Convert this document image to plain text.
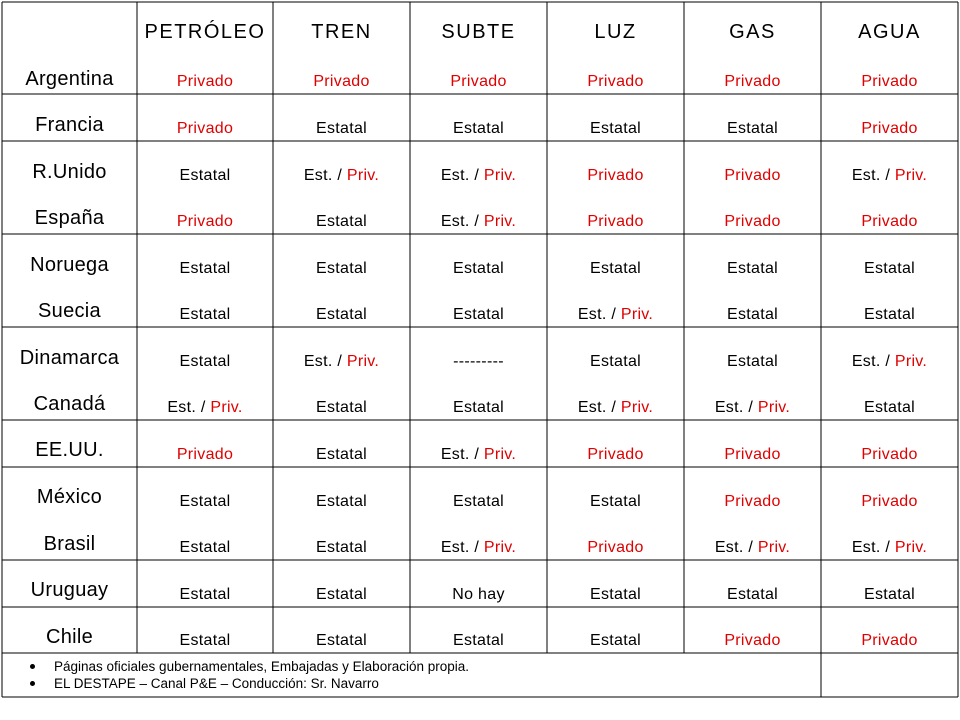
PETRÓLEO	TREN	SUBTE	LUZ	GAS	AGUA
Argentina	Privado	Privado	Privado	Privado	Privado	Privado
Francia	Privado	Estatal	Estatal	Estatal	Estatal	Privado
R.Unido	Estatal	Est. / Priv.	Est. / Priv.	Privado	Privado	Est. / Priv.
España	Privado	Estatal	Est. / Priv.	Privado	Privado	Privado
Noruega	Estatal	Estatal	Estatal	Estatal	Estatal	Estatal
Suecia	Estatal	Estatal	Estatal	Est. / Priv.	Estatal	Estatal
Dinamarca	Estatal	Est. / Priv.	---------	Estatal	Estatal	Est. / Priv.
Canadá	Est. / Priv.	Estatal	Estatal	Est. / Priv.	Est. / Priv.	Estatal
EE.UU.	Privado	Estatal	Est. / Priv.	Privado	Privado	Privado
México	Estatal	Estatal	Estatal	Estatal	Privado	Privado
Brasil	Estatal	Estatal	Est. / Priv.	Privado	Est. / Priv.	Est. / Priv.
Uruguay	Estatal	Estatal	No hay	Estatal	Estatal	Estatal
Chile	Estatal	Estatal	Estatal	Estatal	Privado	Privado
Páginas oficiales gubernamentales, Embajadas y Elaboración propia.
EL DESTAPE – Canal P&E – Conducción: Sr. Navarro
